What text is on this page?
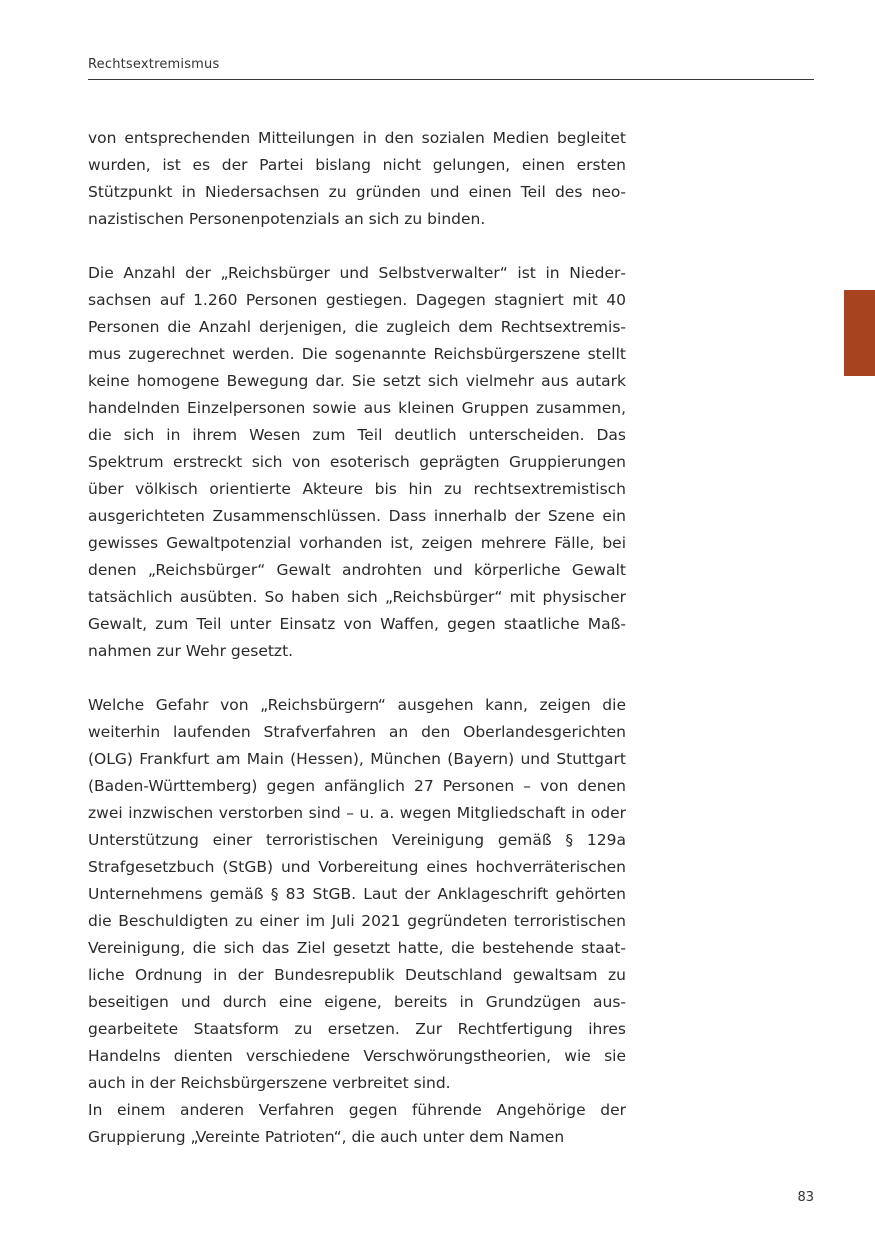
Rechtsextremismus

von entsprechenden Mitteilungen in den sozialen Medien begleitet wurden, ist es der Partei bislang nicht gelungen, einen ersten Stützpunkt in Niedersachsen zu gründen und einen Teil des neonazistischen Personenpotenzials an sich zu binden.

Die Anzahl der „Reichsbürger und Selbstverwalter“ ist in Niedersachsen auf 1.260 Personen gestiegen. Dagegen stagniert mit 40 Personen die Anzahl derjenigen, die zugleich dem Rechtsextremismus zugerechnet werden. Die sogenannte Reichsbürgerszene stellt keine homogene Bewegung dar. Sie setzt sich vielmehr aus autark handelnden Einzelpersonen sowie aus kleinen Gruppen zusammen, die sich in ihrem Wesen zum Teil deutlich unterscheiden. Das Spektrum erstreckt sich von esoterisch geprägten Gruppierungen über völkisch orientierte Akteure bis hin zu rechtsextremistisch ausgerichteten Zusammenschlüssen. Dass innerhalb der Szene ein gewisses Gewaltpotenzial vorhanden ist, zeigen mehrere Fälle, bei denen „Reichsbürger“ Gewalt androhten und körperliche Gewalt tatsächlich ausübten. So haben sich „Reichsbürger“ mit physischer Gewalt, zum Teil unter Einsatz von Waffen, gegen staatliche Maßnahmen zur Wehr gesetzt.

Welche Gefahr von „Reichsbürgern“ ausgehen kann, zeigen die weiterhin laufenden Strafverfahren an den Oberlandesgerichten (OLG) Frankfurt am Main (Hessen), München (Bayern) und Stuttgart (Baden-Württemberg) gegen anfänglich 27 Personen – von denen zwei inzwischen verstorben sind – u. a. wegen Mitgliedschaft in oder Unterstützung einer terroristischen Vereinigung gemäß § 129a Strafgesetzbuch (StGB) und Vorbereitung eines hochverräterischen Unternehmens gemäß § 83 StGB. Laut der Anklageschrift gehörten die Beschuldigten zu einer im Juli 2021 gegründeten terroristischen Vereinigung, die sich das Ziel gesetzt hatte, die bestehende staatliche Ordnung in der Bundesrepublik Deutschland gewaltsam zu beseitigen und durch eine eigene, bereits in Grundzügen ausgearbeitete Staatsform zu ersetzen. Zur Rechtfertigung ihres Handelns dienten verschiedene Verschwörungstheorien, wie sie auch in der Reichsbürgerszene verbreitet sind.

In einem anderen Verfahren gegen führende Angehörige der Gruppierung „Vereinte Patrioten“, die auch unter dem Namen

83
